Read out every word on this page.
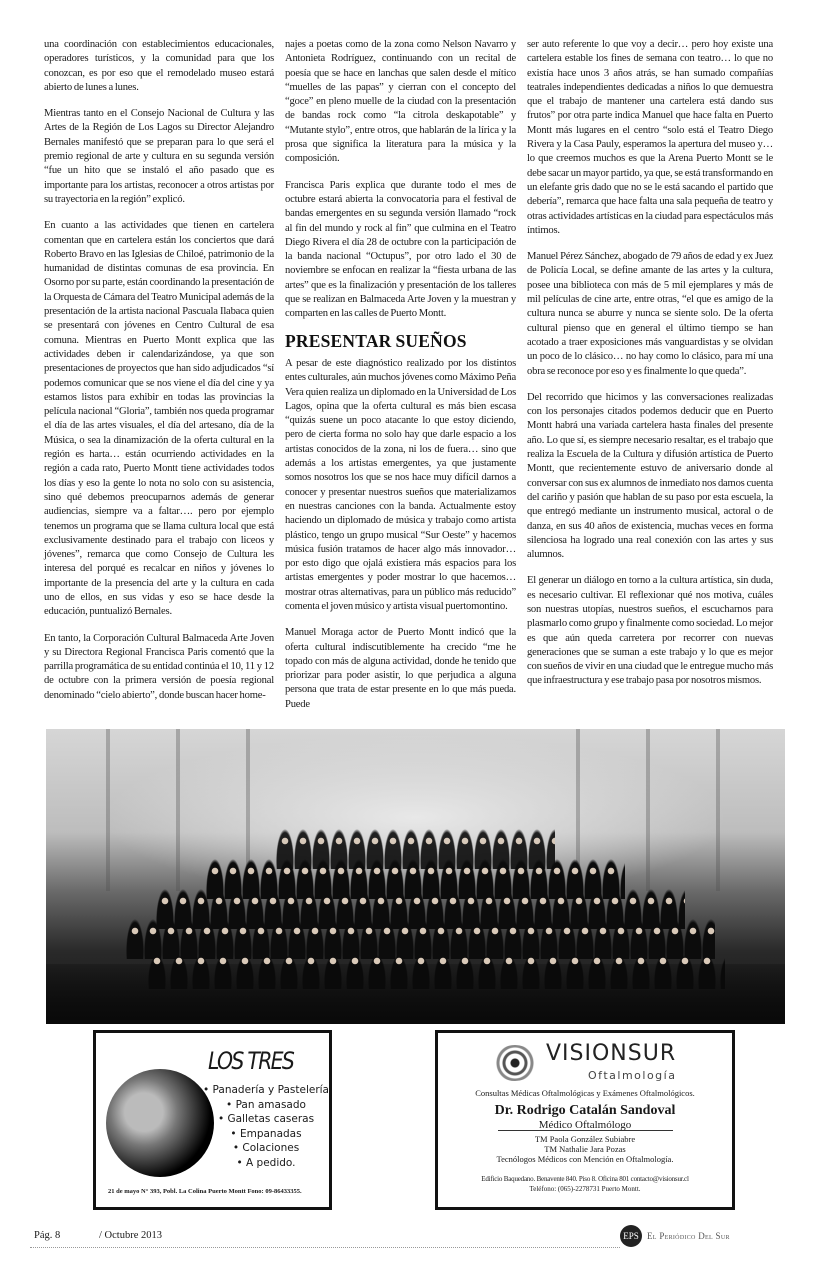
una coordinación con establecimientos educacionales, operadores turísticos, y la comunidad para que los conozcan, es por eso que el remodelado museo estará abierto de lunes a lunes.

Mientras tanto en el Consejo Nacional de Cultura y las Artes de la Región de Los Lagos su Director Alejandro Bernales manifestó que se preparan para lo que será el premio regional de arte y cultura en su segunda versión “fue un hito que se instaló el año pasado que es importante para los artistas, reconocer a otros artistas por su trayectoria en la región” explicó.

En cuanto a las actividades que tienen en cartelera comentan que en cartelera están los conciertos que dará Roberto Bravo en las Iglesias de Chiloé, patrimonio de la humanidad de distintas comunas de esa provincia. En Osorno por su parte, están coordinando la presentación de la Orquesta de Cámara del Teatro Municipal además de la presentación de la artista nacional Pascuala Ilabaca quien se presentará con jóvenes en Centro Cultural de esa comuna. Mientras en Puerto Montt explica que las actividades deben ir calendarizándose, ya que son presentaciones de proyectos que han sido adjudicados “sí podemos comunicar que se nos viene el día del cine y ya estamos listos para exhibir en todas las provincias la película nacional “Gloria”, también nos queda programar el día de las artes visuales, el día del artesano, día de la Música, o sea la dinamización de la oferta cultural en la región es harta… están ocurriendo actividades en la región a cada rato, Puerto Montt tiene actividades todos los días y eso la gente lo nota no solo con su asistencia, sino qué debemos preocuparnos además de generar audiencias, siempre va a faltar…. pero por ejemplo tenemos un programa que se llama cultura local que está exclusivamente destinado para el trabajo con liceos y jóvenes”, remarca que como Consejo de Cultura les interesa del porqué es recalcar en niños y jóvenes lo importante de la presencia del arte y la cultura en cada uno de ellos, en sus vidas y eso se hace desde la educación, puntualizó Bernales.

En tanto, la Corporación Cultural Balmaceda Arte Joven y su Directora Regional Francisca Paris comentó que la parrilla programática de su entidad continúa el 10, 11 y 12 de octubre con la primera versión de poesía regional denominado “cielo abierto”, donde buscan hacer home-

najes a poetas como de la zona como Nelson Navarro y Antonieta Rodríguez, continuando con un recital de poesía que se hace en lanchas que salen desde el mítico “muelles de las papas” y cierran con el concepto del “goce” en pleno muelle de la ciudad con la presentación de bandas rock como “la citrola deskapotable” y “Mutante stylo”, entre otros, que hablarán de la lírica y la prosa que significa la literatura para la música y la composición.

Francisca Paris explica que durante todo el mes de octubre estará abierta la convocatoria para el festival de bandas emergentes en su segunda versión llamado “rock al fin del mundo y rock al fin” que culmina en el Teatro Diego Rivera el día 28 de octubre con la participación de la banda nacional “Octupus”, por otro lado el 30 de noviembre se enfocan en realizar la “fiesta urbana de las artes” que es la finalización y presentación de los talleres que se realizan en Balmaceda Arte Joven y la muestran y comparten en las calles de Puerto Montt.

PRESENTAR SUEÑOS

A pesar de este diagnóstico realizado por los distintos entes culturales, aún muchos jóvenes como Máximo Peña Vera quien realiza un diplomado en la Universidad de Los Lagos, opina que la oferta cultural es más bien escasa “quizás suene un poco atacante lo que estoy diciendo, pero de cierta forma no solo hay que darle espacio a los artistas conocidos de la zona, ni los de fuera… sino que además a los artistas emergentes, ya que justamente somos nosotros los que se nos hace muy difícil darnos a conocer y presentar nuestros sueños que materializamos en nuestras canciones con la banda. Actualmente estoy haciendo un diplomado de música y trabajo como artista plástico, tengo un grupo musical “Sur Oeste” y hacemos música fusión tratamos de hacer algo más innovador… por esto digo que ojalá existiera más espacios para los artistas emergentes y poder mostrar lo que hacemos… mostrar otras alternativas, para un público más reducido” comenta el joven músico y artista visual puertomontino.

Manuel Moraga actor de Puerto Montt indicó que la oferta cultural indiscutiblemente ha crecido “me he topado con más de alguna actividad, donde he tenido que priorizar para poder asistir, lo que perjudica a alguna persona que trata de estar presente en lo que más pueda. Puede

ser auto referente lo que voy a decir… pero hoy existe una cartelera estable los fines de semana con teatro… lo que no existía hace unos 3 años atrás, se han sumado compañías teatrales independientes dedicadas a niños lo que demuestra que el trabajo de mantener una cartelera está dando sus frutos” por otra parte indica Manuel que hace falta en Puerto Montt más lugares en el centro “solo está el Teatro Diego Rivera y la Casa Pauly, esperamos la apertura del museo y… lo que creemos muchos es que la Arena Puerto Montt se le debe sacar un mayor partido, ya que, se está transformando en un elefante gris dado que no se le está sacando el partido que debería”, remarca que hace falta una sala pequeña de teatro y otras actividades artísticas en la ciudad para espectáculos más íntimos.

Manuel Pérez Sánchez, abogado de 79 años de edad y ex Juez de Policía Local, se define amante de las artes y la cultura, posee una biblioteca con más de 5 mil ejemplares y más de mil películas de cine arte, entre otras, “el que es amigo de la cultura nunca se aburre y nunca se siente solo. De la oferta cultural pienso que en general el último tiempo se han acotado a traer exposiciones más vanguardistas y se olvidan un poco de lo clásico… no hay como lo clásico, para mí una obra se reconoce por eso y es finalmente lo que queda”.

Del recorrido que hicimos y las conversaciones realizadas con los personajes citados podemos deducir que en Puerto Montt habrá una variada cartelera hasta finales del presente año. Lo que sí, es siempre necesario resaltar, es el trabajo que realiza la Escuela de la Cultura y difusión artística de Puerto Montt, que recientemente estuvo de aniversario donde al conversar con sus ex alumnos de inmediato nos damos cuenta del cariño y pasión que hablan de su paso por esta escuela, la que entregó mediante un instrumento musical, actoral o de danza, en sus 40 años de existencia, muchas veces en forma silenciosa ha logrado una real conexión con las artes y sus alumnos.

El generar un diálogo en torno a la cultura artística, sin duda, es necesario cultivar. El reflexionar qué nos motiva, cuáles son nuestras utopías, nuestros sueños, el escucharnos para plasmarlo como grupo y finalmente como sociedad. Lo mejor es que aún queda carretera por recorrer con nuevas generaciones que se suman a este trabajo y lo que es mejor con sueños de vivir en una ciudad que le entregue mucho más que infraestructura y ese trabajo pasa por nosotros mismos.

LOS TRES
• Panadería y Pastelería
• Pan amasado
• Galletas caseras
• Empanadas
• Colaciones
• A pedido.
21 de mayo N° 393, Pobl. La Colina Puerto Montt Fono: 09-86433355.
VISIONSUR
Oftalmología
Consultas Médicas Oftalmológicas y Exámenes Oftalmológicos.
Dr. Rodrigo Catalán Sandoval
Médico Oftalmólogo
TM Paola González Subiabre
TM Nathalie Jara Pozas
Tecnólogos Médicos con Mención en Oftalmología.
Edificio Baquedano. Benavente 840. Piso 8. Oficina 801 contacto@visionsur.cl
Teléfono: (065)-2278731 Puerto Montt.
Pág. 8	/ Octubre 2013	EPS El Periódico Del Sur
